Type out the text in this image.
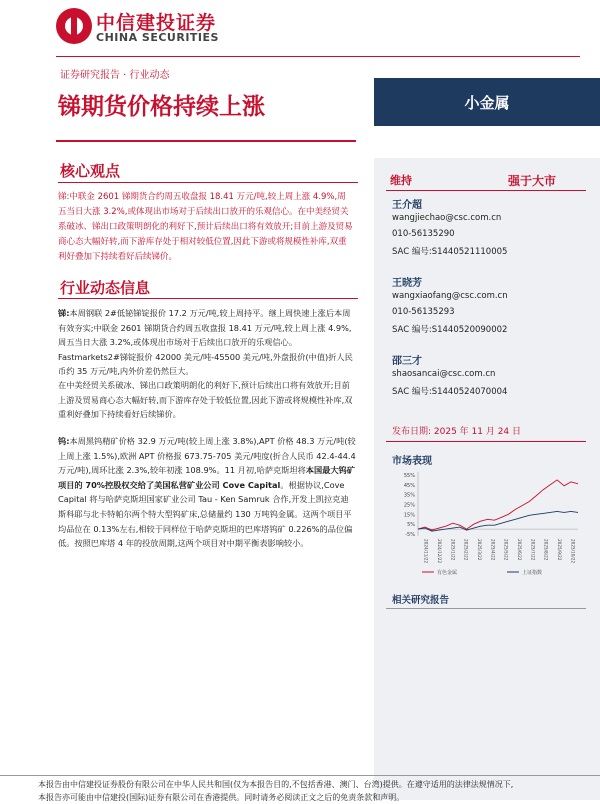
中信建投证券
CHINA SECURITIES
证券研究报告 · 行业动态
锑期货价格持续上涨	小金属
核心观点
锑:中联金 2601 锑期货合约周五收盘报 18.41 万元/吨,较上周上涨 4.9%,周五当日大涨 3.2%,或体现出市场对于后续出口放开的乐观信心。在中美经贸关系破冰、锑出口政策明朗化的利好下,预计后续出口将有效放开;目前上游及贸易商心态大幅好转,而下游库存处于相对较低位置,因此下游或将规模性补库,双重利好叠加下持续看好后续锑价。
行业动态信息
锑:本周钢联 2#低铋锑锭报价 17.2 万元/吨,较上周持平。继上周快速上涨后本周有效夯实;中联金 2601 锑期货合约周五收盘报 18.41 万元/吨,较上周上涨 4.9%,周五当日大涨 3.2%,或体现出市场对于后续出口放开的乐观信心。Fastmarkets2#锑锭报价 42000 美元/吨-45500 美元/吨,外盘报价(中值)折人民币约 35 万元/吨,内外价差仍然巨大。
在中美经贸关系破冰、锑出口政策明朗化的利好下,预计后续出口将有效放开;目前上游及贸易商心态大幅好转,而下游库存处于较低位置,因此下游或将规模性补库,双重利好叠加下持续看好后续锑价。
钨:本周黑钨精矿价格 32.9 万元/吨(较上周上涨 3.8%),APT 价格 48.3 万元/吨(较上周上涨 1.5%),欧洲 APT 价格报 673.75-705 美元/吨度(折合人民币 42.4-44.4 万元/吨),周环比涨 2.3%,较年初涨 108.9%。11 月初,哈萨克斯坦将本国最大钨矿项目的 70%控股权交给了美国私营矿业公司 Cove Capital。根据协议,Cove Capital 将与哈萨克斯坦国家矿业公司 Tau - Ken Samruk 合作,开发上凯拉克迪斯科耶与北卡特帕尔两个特大型钨矿床,总储量约 130 万吨钨金属。这两个项目平均品位在 0.13%左右,相较于同样位于哈萨克斯坦的巴库塔钨矿 0.226%的品位偏低。按照巴库塔 4 年的投放周期,这两个项目对中期平衡表影响较小。
维持	强于大市
王介超
wangjiechao@csc.com.cn
010-56135290
SAC 编号:S1440521110005
王晓芳
wangxiaofang@csc.com.cn
010-56135293
SAC 编号:S1440520090002
邵三才
shaosancai@csc.com.cn
SAC 编号:S1440524070004
发布日期: 2025 年 11 月 24 日
市场表现
55%
45%
35%
25%
15%
5%
-5%
2024/11/22 2024/12/22 2025/1/22 2025/2/22 2025/3/22 2025/4/22 2025/5/22 2025/6/22 2025/7/22 2025/8/22 2025/9/22 2025/10/22
有色金属	上证指数
相关研究报告
本报告由中信建投证券股份有限公司在中华人民共和国(仅为本报告目的,不包括香港、澳门、台湾)提供。在遵守适用的法律法规情况下,
本报告亦可能由中信建投(国际)证券有限公司在香港提供。同时请务必阅读正文之后的免责条款和声明。
